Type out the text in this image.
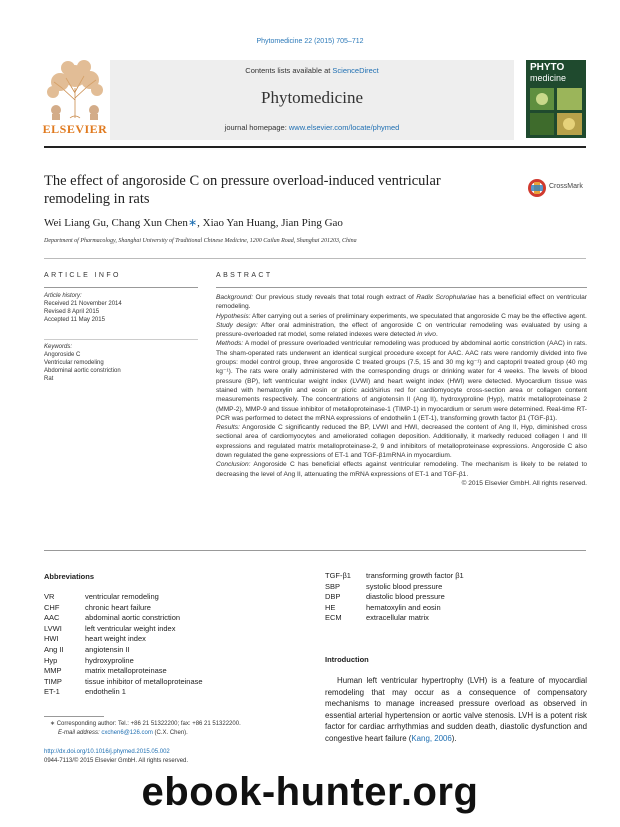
Phytomedicine 22 (2015) 705–712
Contents lists available at ScienceDirect
Phytomedicine
journal homepage: www.elsevier.com/locate/phymed
ELSEVIER
PHYTO
medicine
The effect of angoroside C on pressure overload-induced ventricular remodeling in rats
CrossMark
Wei Liang Gu, Chang Xun Chen∗, Xiao Yan Huang, Jian Ping Gao
Department of Pharmacology, Shanghai University of Traditional Chinese Medicine, 1200 Cailun Road, Shanghai 201203, China
ARTICLE INFO
Article history:
Received 21 November 2014
Revised 8 April 2015
Accepted 11 May 2015
Keywords:
Angoroside C
Ventricular remodeling
Abdominal aortic constriction
Rat
ABSTRACT

Background: Our previous study reveals that total rough extract of Radix Scrophulariae has a beneficial effect on ventricular remodeling.

Hypothesis: After carrying out a series of preliminary experiments, we speculated that angoroside C may be the effective agent.

Study design: After oral administration, the effect of angoroside C on ventricular remodeling was evaluated by using a pressure-overloaded rat model, some related indexes were detected in vivo.

Methods: A model of pressure overloaded ventricular remodeling was produced by abdominal aortic constriction (AAC) in rats. The sham-operated rats underwent an identical surgical procedure except for AAC. AAC rats were randomly divided into five groups: model control group, three angoroside C treated groups (7.5, 15 and 30 mg kg⁻¹) and captopril treated group (40 mg kg⁻¹). The rats were orally administered with the corresponding drugs or drinking water for 4 weeks. The levels of blood pressure (BP), left ventricular weight index (LVWI) and heart weight index (HWI) were detected. Myocardium tissue was stained with hematoxylin and eosin or picric acid/sirius red for cardiomyocyte cross-section area or collagen content measurements respectively. The concentrations of angiotensin II (Ang II), hydroxyproline (Hyp), matrix metalloproteinase 2 (MMP-2), MMP-9 and tissue inhibitor of metalloproteinase-1 (TIMP-1) in myocardium or serum were determined. Real-time RT-PCR was performed to detect the mRNA expressions of endothelin 1 (ET-1), transforming growth factor β1 (TGF-β1).

Results: Angoroside C significantly reduced the BP, LVWI and HWI, decreased the content of Ang II, Hyp, diminished cross sectional area of cardiomyocytes and ameliorated collagen deposition. Additionally, it markedly reduced collagen I and III expressions and regulated matrix metalloproteinase-2, 9 and inhibitors of metalloproteinase expressions. Angoroside C also down regulated the gene expressions of ET-1 and TGF-β1mRNA in myocardium.

Conclusion: Angoroside C has beneficial effects against ventricular remodeling. The mechanism is likely to be related to decreasing the level of Ang II, attenuating the mRNA expressions of ET-1 and TGF-β1.

© 2015 Elsevier GmbH. All rights reserved.

Abbreviations
VR	ventricular remodeling
CHF	chronic heart failure
AAC	abdominal aortic constriction
LVWI	left ventricular weight index
HWI	heart weight index
Ang II	angiotensin II
Hyp	hydroxyproline
MMP	matrix metalloproteinase
TIMP	tissue inhibitor of metalloproteinase
ET-1	endothelin 1
TGF-β1	transforming growth factor β1
SBP	systolic blood pressure
DBP	diastolic blood pressure
HE	hematoxylin and eosin
ECM	extracellular matrix
Introduction
Human left ventricular hypertrophy (LVH) is a feature of myocardial remodeling that may occur as a consequence of compensatory mechanisms to manage increased pressure overload as observed in essential arterial hypertension or aortic valve stenosis. LVH is a potent risk factor for cardiac arrhythmias and sudden death, diastolic dysfunction and congestive heart failure (Kang, 2006).
∗ Corresponding author: Tel.: +86 21 51322200; fax: +86 21 51322200.
E-mail address: cxchen6@126.com (C.X. Chen).
http://dx.doi.org/10.1016/j.phymed.2015.05.002
0944-7113/© 2015 Elsevier GmbH. All rights reserved.
ebook-hunter.org
